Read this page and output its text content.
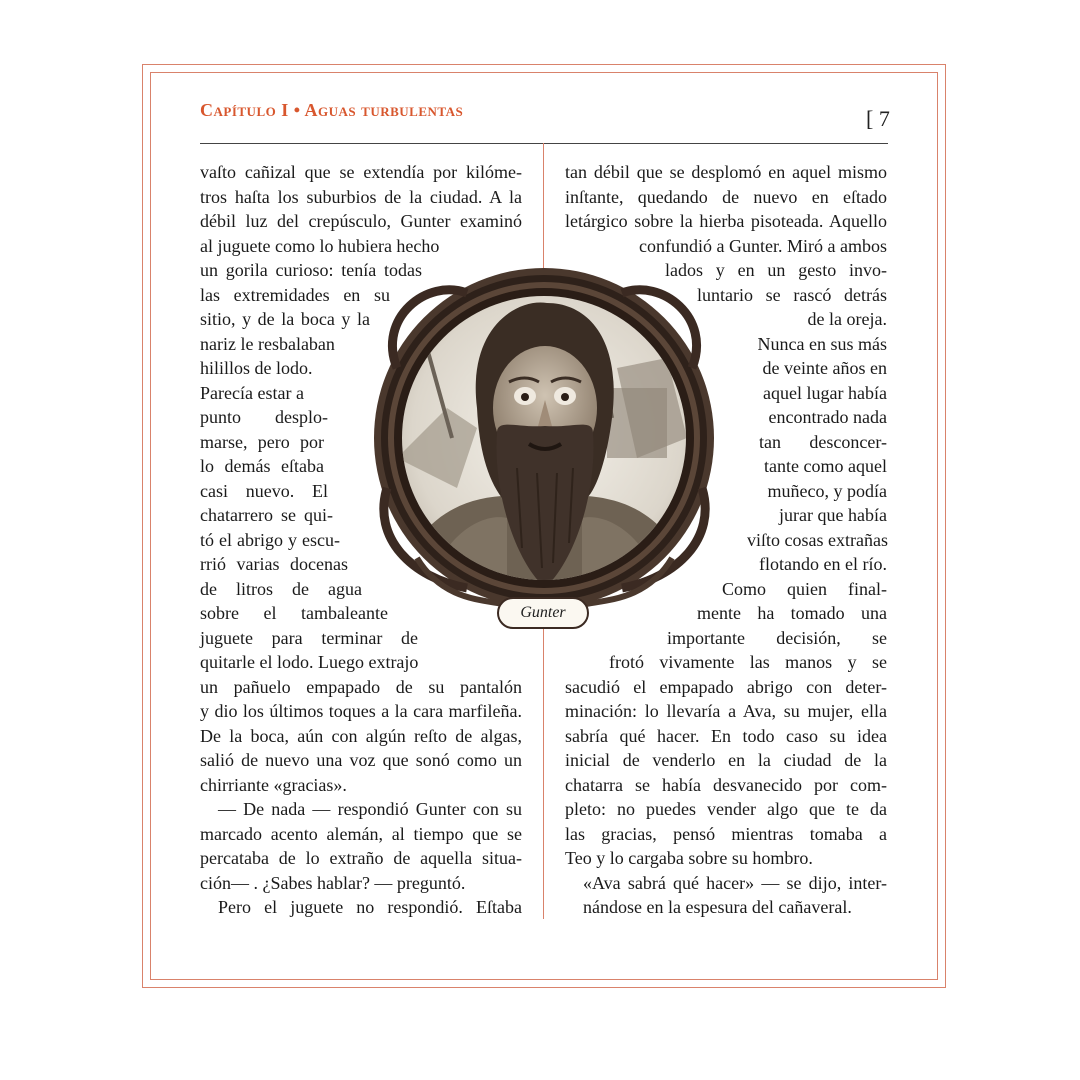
Capítulo I • Aguas turbulentas	[ 7
vaſto cañizal que se extendía por kilóme-
tros haſta los suburbios de la ciudad. A la
débil luz del crepúsculo, Gunter examinó
al juguete como lo hubiera hecho
un gorila curioso: tenía todas
las extremidades en su
sitio, y de la boca y la
nariz le resbalaban
hilillos de lodo.
Parecía estar a
punto desplo-
marse, pero por
lo demás eſtaba
casi nuevo. El
chatarrero se qui-
tó el abrigo y escu-
rrió varias docenas
de litros de agua
sobre el tambaleante
juguete para terminar de
quitarle el lodo. Luego extrajo
un pañuelo empapado de su pantalón
y dio los últimos toques a la cara marfileña.
De la boca, aún con algún reſto de algas,
salió de nuevo una voz que sonó como un
chirriante «gracias».
— De nada — respondió Gunter con su
marcado acento alemán, al tiempo que se
percataba de lo extraño de aquella situa-
ción— . ¿Sabes hablar? — preguntó.
Pero el juguete no respondió. Eſtaba
tan débil que se desplomó en aquel mismo
inſtante, quedando de nuevo en eſtado
letárgico sobre la hierba pisoteada. Aquello
confundió a Gunter. Miró a ambos
lados y en un gesto invo-
luntario se rascó detrás
de la oreja.
Nunca en sus más
de veinte años en
aquel lugar había
encontrado nada
tan desconcer-
tante como aquel
muñeco, y podía
jurar que había
viſto cosas extrañas
flotando en el río.
Como quien final-
mente ha tomado una
importante decisión, se
frotó vivamente las manos y se
sacudió el empapado abrigo con deter-
minación: lo llevaría a Ava, su mujer, ella
sabría qué hacer. En todo caso su idea
inicial de venderlo en la ciudad de la
chatarra se había desvanecido por com-
pleto: no puedes vender algo que te da
las gracias, pensó mientras tomaba a
Teo y lo cargaba sobre su hombro.
«Ava sabrá qué hacer» — se dijo, inter-
nándose en la espesura del cañaveral.
Gunter
